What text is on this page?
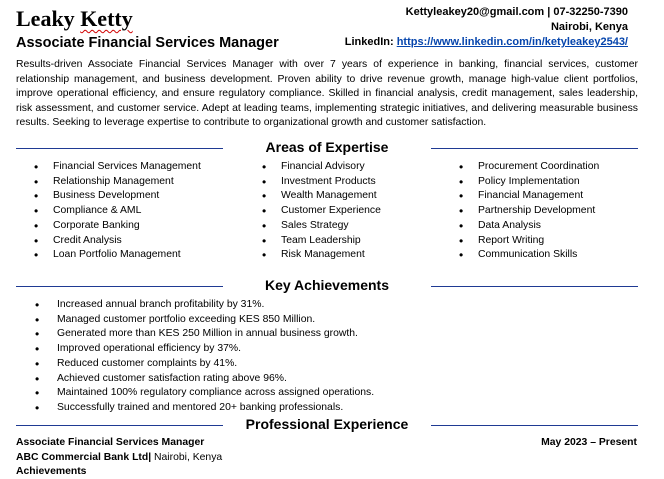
Leaky Ketty
Associate Financial Services Manager
Kettyleakey20@gmail.com | 07-32250-7390
Nairobi, Kenya
LinkedIn: https://www.linkedin.com/in/ketyleakey2543/
Results-driven Associate Financial Services Manager with over 7 years of experience in banking, financial services, customer relationship management, and business development. Proven ability to drive revenue growth, manage high-value client portfolios, improve operational efficiency, and ensure regulatory compliance. Skilled in financial analysis, credit management, sales leadership, risk assessment, and customer service. Adept at leading teams, implementing strategic initiatives, and delivering measurable business results. Seeking to leverage expertise to contribute to organizational growth and customer satisfaction.
Areas of Expertise
• Financial Services Management
• Relationship Management
• Business Development
• Compliance & AML
• Corporate Banking
• Credit Analysis
• Loan Portfolio Management
• Financial Advisory
• Investment Products
• Wealth Management
• Customer Experience
• Sales Strategy
• Team Leadership
• Risk Management
• Procurement Coordination
• Policy Implementation
• Financial Management
• Partnership Development
• Data Analysis
• Report Writing
• Communication Skills
Key Achievements
• Increased annual branch profitability by 31%.
• Managed customer portfolio exceeding KES 850 Million.
• Generated more than KES 250 Million in annual business growth.
• Improved operational efficiency by 37%.
• Reduced customer complaints by 41%.
• Achieved customer satisfaction rating above 96%.
• Maintained 100% regulatory compliance across assigned operations.
• Successfully trained and mentored 20+ banking professionals.
Professional Experience
Associate Financial Services Manager	May 2023 – Present
ABC Commercial Bank Ltd| Nairobi, Kenya
Achievements
